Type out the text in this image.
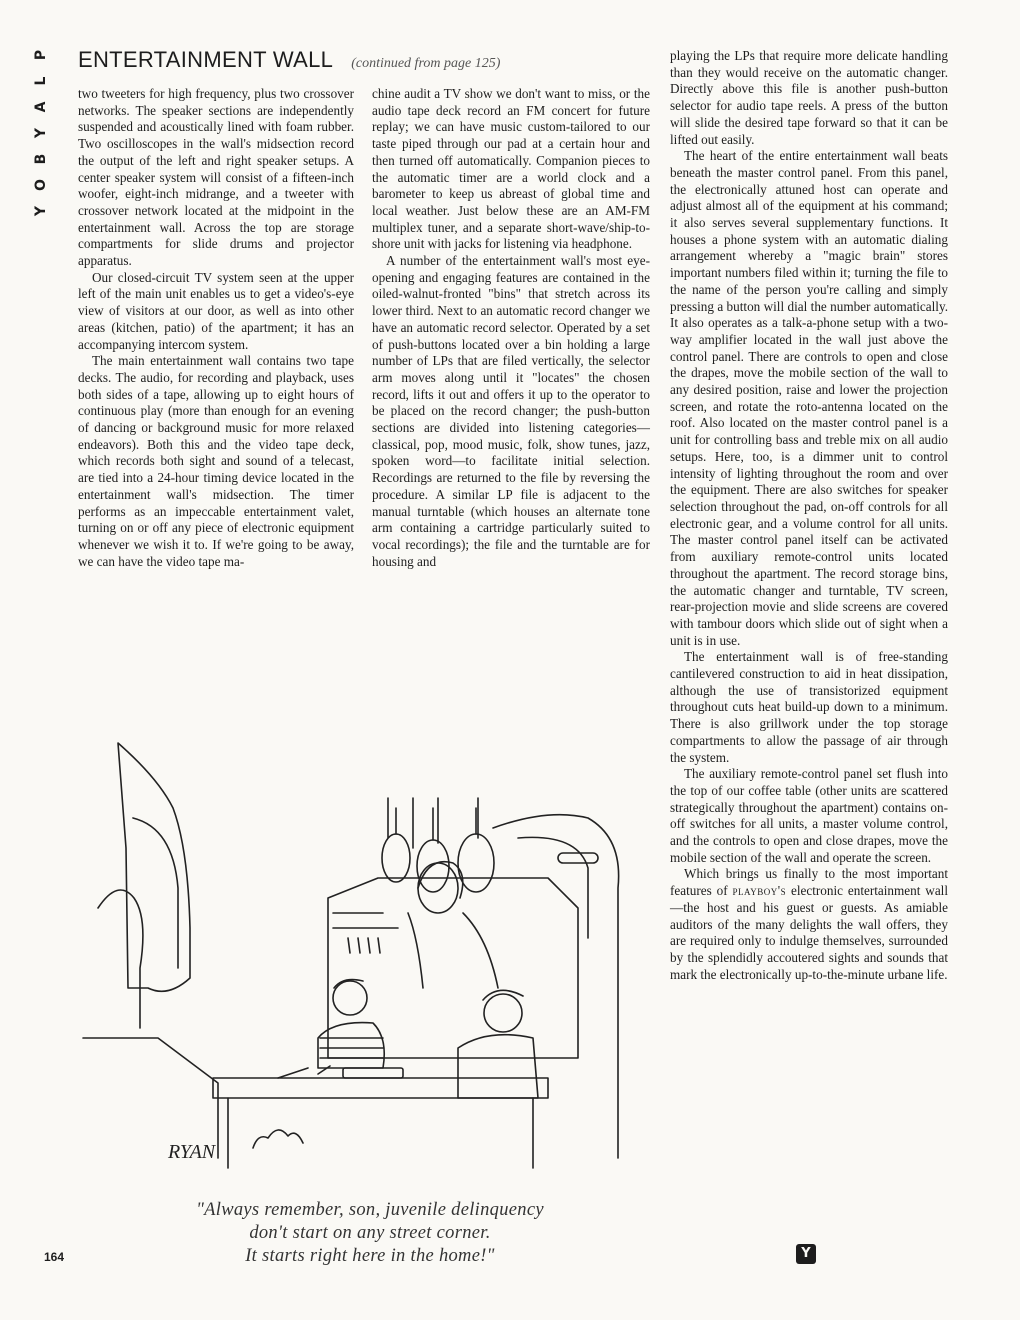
P
L
A
Y
B
O
Y
ENTERTAINMENT WALL (continued from page 125)

two tweeters for high frequency, plus two crossover networks. The speaker sections are independently suspended and acoustically lined with foam rubber. Two oscilloscopes in the wall's midsection record the output of the left and right speaker setups. A center speaker system will consist of a fifteen-inch woofer, eight-inch midrange, and a tweeter with crossover network located at the midpoint in the entertainment wall. Across the top are storage compartments for slide drums and projector apparatus.

Our closed-circuit TV system seen at the upper left of the main unit enables us to get a video's-eye view of visitors at our door, as well as into other areas (kitchen, patio) of the apartment; it has an accompanying intercom system.

The main entertainment wall contains two tape decks. The audio, for recording and playback, uses both sides of a tape, allowing up to eight hours of continuous play (more than enough for an evening of dancing or background music for more relaxed endeavors). Both this and the video tape deck, which records both sight and sound of a telecast, are tied into a 24-hour timing device located in the entertainment wall's midsection. The timer performs as an impeccable entertainment valet, turning on or off any piece of electronic equipment whenever we wish it to. If we're going to be away, we can have the video tape ma-

chine audit a TV show we don't want to miss, or the audio tape deck record an FM concert for future replay; we can have music custom-tailored to our taste piped through our pad at a certain hour and then turned off automatically. Companion pieces to the automatic timer are a world clock and a barometer to keep us abreast of global time and local weather. Just below these are an AM-FM multiplex tuner, and a separate short-wave/ship-to-shore unit with jacks for listening via headphone.

A number of the entertainment wall's most eye-opening and engaging features are contained in the oiled-walnut-fronted "bins" that stretch across its lower third. Next to an automatic record changer we have an automatic record selector. Operated by a set of push-buttons located over a bin holding a large number of LPs that are filed vertically, the selector arm moves along until it "locates" the chosen record, lifts it out and offers it up to the operator to be placed on the record changer; the push-button sections are divided into listening categories—classical, pop, mood music, folk, show tunes, jazz, spoken word—to facilitate initial selection. Recordings are returned to the file by reversing the procedure. A similar LP file is adjacent to the manual turntable (which houses an alternate tone arm containing a cartridge particularly suited to vocal recordings); the file and the turntable are for housing and

playing the LPs that require more delicate handling than they would receive on the automatic changer. Directly above this file is another push-button selector for audio tape reels. A press of the button will slide the desired tape forward so that it can be lifted out easily.

The heart of the entire entertainment wall beats beneath the master control panel. From this panel, the electronically attuned host can operate and adjust almost all of the equipment at his command; it also serves several supplementary functions. It houses a phone system with an automatic dialing arrangement whereby a "magic brain" stores important numbers filed within it; turning the file to the name of the person you're calling and simply pressing a button will dial the number automatically. It also operates as a talk-a-phone setup with a two-way amplifier located in the wall just above the control panel. There are controls to open and close the drapes, move the mobile section of the wall to any desired position, raise and lower the projection screen, and rotate the roto-antenna located on the roof. Also located on the master control panel is a unit for controlling bass and treble mix on all audio setups. Here, too, is a dimmer unit to control intensity of lighting throughout the room and over the equipment. There are also switches for speaker selection throughout the pad, on-off controls for all electronic gear, and a volume control for all units. The master control panel itself can be activated from auxiliary remote-control units located throughout the apartment. The record storage bins, the automatic changer and turntable, TV screen, rear-projection movie and slide screens are covered with tambour doors which slide out of sight when a unit is in use.

The entertainment wall is of free-standing cantilevered construction to aid in heat dissipation, although the use of transistorized equipment throughout cuts heat build-up down to a minimum. There is also grillwork under the top storage compartments to allow the passage of air through the system.

The auxiliary remote-control panel set flush into the top of our coffee table (other units are scattered strategically throughout the apartment) contains on-off switches for all units, a master volume control, and the controls to open and close drapes, move the mobile section of the wall and operate the screen.

Which brings us finally to the most important features of playboy's electronic entertainment wall—the host and his guest or guests. As amiable auditors of the many delights the wall offers, they are required only to indulge themselves, surrounded by the splendidly accoutered sights and sounds that mark the electronically up-to-the-minute urbane life.

RYAN
"Always remember, son, juvenile delinquency
don't start on any street corner.
It starts right here in the home!"
164	Y
